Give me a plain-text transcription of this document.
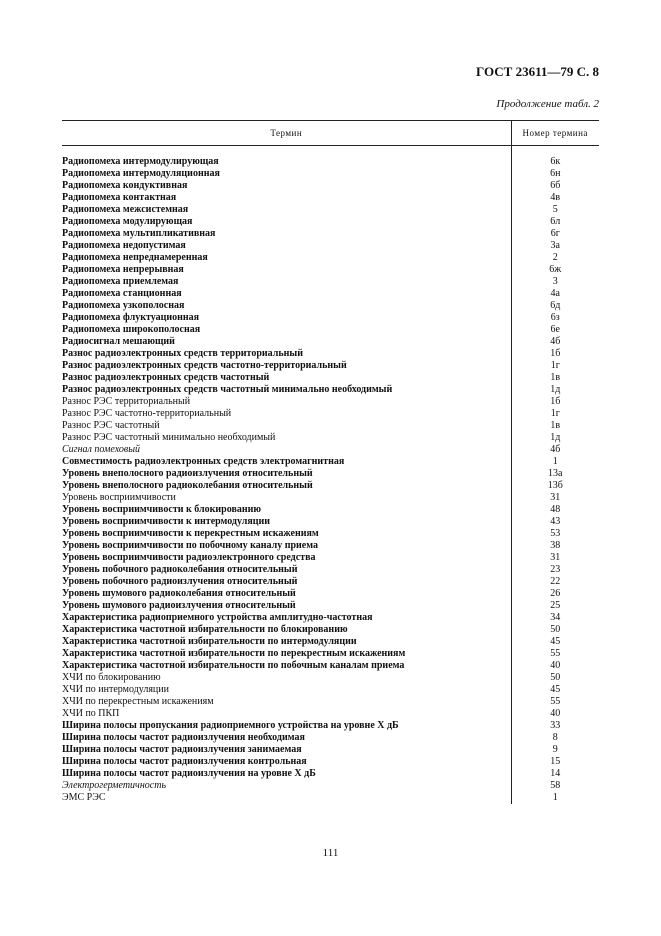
ГОСТ 23611—79 С. 8
Продолжение табл. 2
Термин	Номер термина

Радиопомеха интермодулирующая	6к
Радиопомеха интермодуляционная	6н
Радиопомеха кондуктивная	6б
Радиопомеха контактная	4в
Радиопомеха межсистемная	5
Радиопомеха модулирующая	6л
Радиопомеха мультипликативная	6г
Радиопомеха недопустимая	3а
Радиопомеха непреднамеренная	2
Радиопомеха непрерывная	6ж
Радиопомеха приемлемая	3
Радиопомеха станционная	4а
Радиопомеха узкополосная	6д
Радиопомеха флуктуационная	6з
Радиопомеха широкополосная	6е
Радиосигнал мешающий	4б
Разнос радиоэлектронных средств территориальный	1б
Разнос радиоэлектронных средств частотно-территориальный	1г
Разнос радиоэлектронных средств частотный	1в
Разнос радиоэлектронных средств частотный минимально необходимый	1д
Разнос РЭС территориальный	1б
Разнос РЭС частотно-территориальный	1г
Разнос РЭС частотный	1в
Разнос РЭС частотный минимально необходимый	1д
Сигнал помеховый	4б
Совместимость радиоэлектронных средств электромагнитная	1
Уровень внеполосного радиоизлучения относительный	13а
Уровень внеполосного радиоколебания относительный	13б
Уровень восприимчивости	31
Уровень восприимчивости к блокированию	48
Уровень восприимчивости к интермодуляции	43
Уровень восприимчивости к перекрестным искажениям	53
Уровень восприимчивости по побочному каналу приема	38
Уровень восприимчивости радиоэлектронного средства	31
Уровень побочного радиоколебания относительный	23
Уровень побочного радиоизлучения относительный	22
Уровень шумового радиоколебания относительный	26
Уровень шумового радиоизлучения относительный	25
Характеристика радиоприемного устройства амплитудно-частотная	34
Характеристика частотной избирательности по блокированию	50
Характеристика частотной избирательности по интермодуляции	45
Характеристика частотной избирательности по перекрестным искажениям	55
Характеристика частотной избирательности по побочным каналам приема	40
ХЧИ по блокированию	50
ХЧИ по интермодуляции	45
ХЧИ по перекрестным искажениям	55
ХЧИ по ПКП	40
Ширина полосы пропускания радиоприемного устройства на уровне X дБ	33
Ширина полосы частот радиоизлучения необходимая	8
Ширина полосы частот радиоизлучения занимаемая	9
Ширина полосы частот радиоизлучения контрольная	15
Ширина полосы частот радиоизлучения на уровне X дБ	14
Электрогерметичность	58
ЭМС РЭС	1
111
